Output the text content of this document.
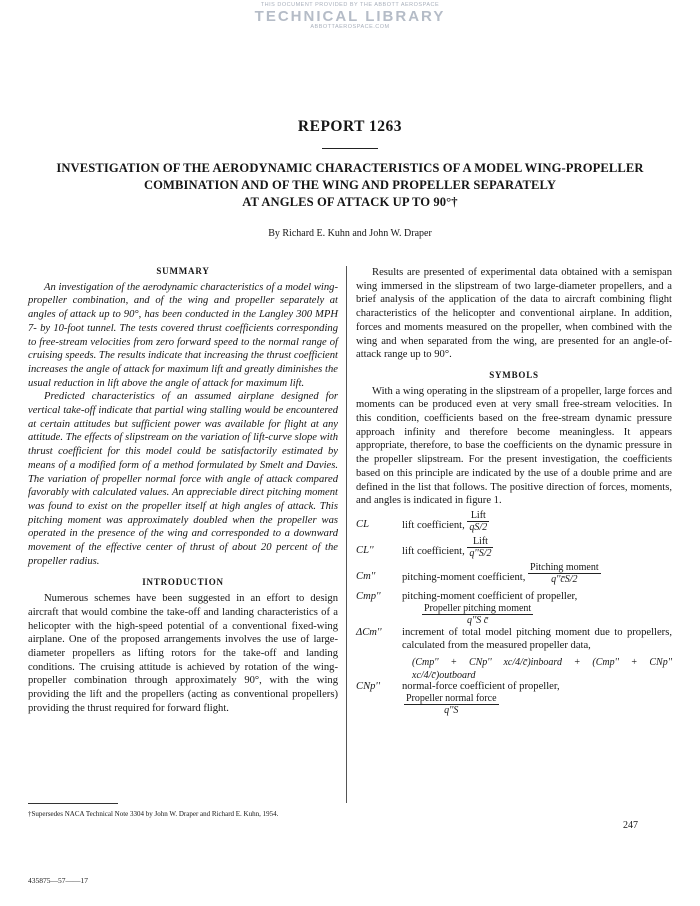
THIS DOCUMENT PROVIDED BY THE ABBOTT AEROSPACE
TECHNICAL LIBRARY
ABBOTTAEROSPACE.COM
REPORT 1263
INVESTIGATION OF THE AERODYNAMIC CHARACTERISTICS OF A MODEL WING-PROPELLER
COMBINATION AND OF THE WING AND PROPELLER SEPARATELY
AT ANGLES OF ATTACK UP TO 90°†
By Richard E. Kuhn and John W. Draper
SUMMARY

An investigation of the aerodynamic characteristics of a model wing-propeller combination, and of the wing and propeller separately at angles of attack up to 90°, has been conducted in the Langley 300 MPH 7- by 10-foot tunnel. The tests covered thrust coefficients corresponding to free-stream velocities from zero forward speed to the normal range of cruising speeds. The results indicate that increasing the thrust coefficient increases the angle of attack for maximum lift and greatly diminishes the usual reduction in lift above the angle of attack for maximum lift.

Predicted characteristics of an assumed airplane designed for vertical take-off indicate that partial wing stalling would be encountered at certain attitudes but sufficient power was available for flight at any attitude. The effects of slipstream on the variation of lift-curve slope with thrust coefficient for this model could be satisfactorily estimated by means of a modified form of a method formulated by Smelt and Davies. The variation of propeller normal force with angle of attack compared favorably with calculated values. An appreciable direct pitching moment was found to exist on the propeller itself at high angles of attack. This pitching moment was approximately doubled when the propeller was operated in the presence of the wing and corresponded to a downward movement of the effective center of thrust of about 20 percent of the propeller radius.

INTRODUCTION

Numerous schemes have been suggested in an effort to design aircraft that would combine the take-off and landing characteristics of a helicopter with the high-speed potential of a conventional fixed-wing airplane. One of the proposed arrangements involves the use of large-diameter propellers as lifting rotors for the take-off and landing conditions. The cruising attitude is achieved by rotation of the wing-propeller combination through approximately 90°, with the wing providing the lift and the propellers (acting as conventional propellers) providing the thrust required for forward flight.

Results are presented of experimental data obtained with a semispan wing immersed in the slipstream of two large-diameter propellers, and a brief analysis of the application of the data to aircraft combining flight characteristics of the helicopter and conventional airplane. In addition, forces and moments measured on the propeller, when combined with the wing and when separated from the wing, are presented for an angle-of-attack range up to 90°.

SYMBOLS

With a wing operating in the slipstream of a propeller, large forces and moments can be produced even at very small free-stream velocities. In this condition, coefficients based on the free-stream dynamic pressure approach infinity and therefore become meaningless. It appears appropriate, therefore, to base the coefficients on the dynamic pressure in the propeller slipstream. For the present investigation, the coefficients based on this principle are indicated by the use of a double prime and are defined in the list that follows. The positive direction of forces, moments, and angles is indicated in figure 1.

CL	lift coefficient, $\frac{\text{Lift}}{qS/2}$
CL''	lift coefficient, $\frac{\text{Lift}}{q''S/2}$
Cm''	pitching-moment coefficient, $\frac{\text{Pitching moment}}{q''c̄S/2}$
Cmp'' pitching-moment coefficient of propeller,
$\frac{\text{Propeller pitching moment}}{\text{q''S c̄}}$
ΔCm'' increment of total model pitching moment due to propellers, calculated from the measured propeller data,
(Cmp'' + CNp'' xc/4/c̄)inboard + (Cmp'' + CNp'' xc/4/c̄)outboard
CNp'' normal-force coefficient of propeller,
$\frac{\text{Propeller normal force}}{q''S}$
†Supersedes NACA Technical Note 3304 by John W. Draper and Richard E. Kuhn, 1954.
247
435875—57——17
